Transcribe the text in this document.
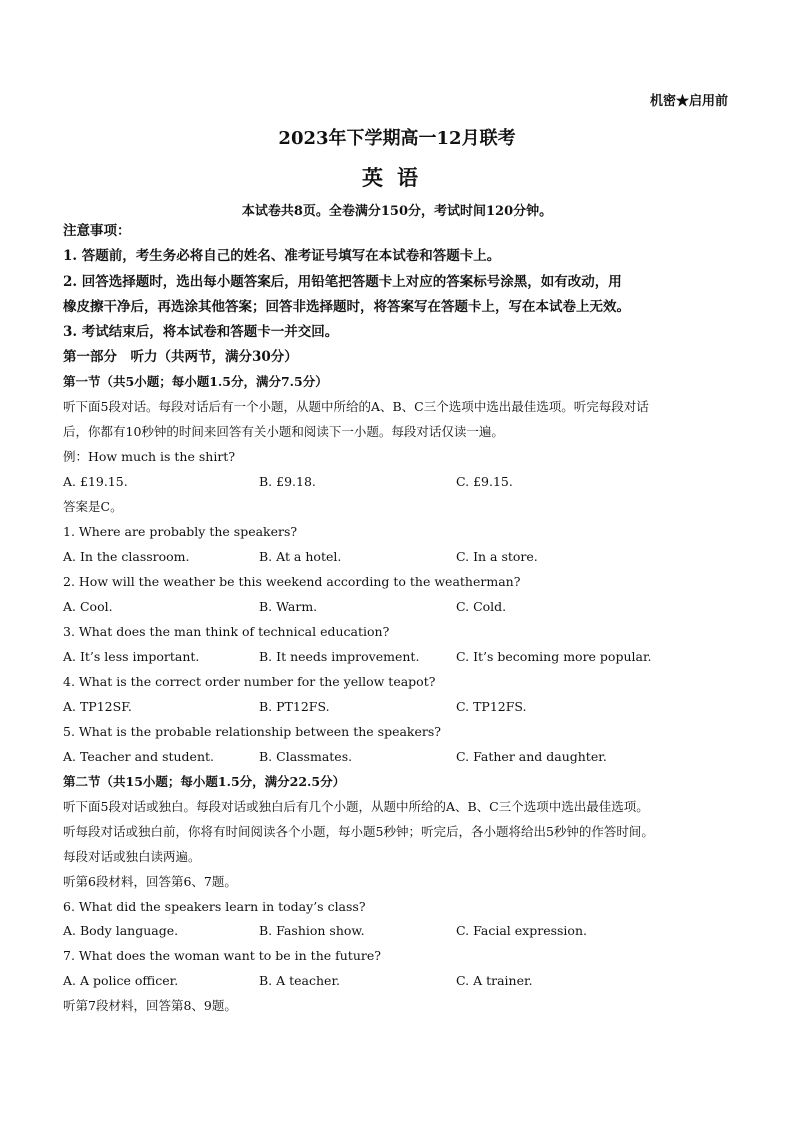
机密★启用前
2023年下学期高一12月联考
英语
本试卷共8页。全卷满分150分，考试时间120分钟。
注意事项：
1. 答题前，考生务必将自己的姓名、准考证号填写在本试卷和答题卡上。
2. 回答选择题时，选出每小题答案后，用铅笔把答题卡上对应的答案标号涂黑，如有改动，用
橡皮擦干净后，再选涂其他答案；回答非选择题时，将答案写在答题卡上，写在本试卷上无效。
3. 考试结束后，将本试卷和答题卡一并交回。
第一部分　听力（共两节，满分30分）
第一节（共5小题；每小题1.5分，满分7.5分）
听下面5段对话。每段对话后有一个小题，从题中所给的A、B、C三个选项中选出最佳选项。听完每段对话
后，你都有10秒钟的时间来回答有关小题和阅读下一小题。每段对话仅读一遍。
例：How much is the shirt?
A. £19.15.	B. £9.18.	C. £9.15.
答案是C。
1. Where are probably the speakers?
A. In the classroom.	B. At a hotel.	C. In a store.
2. How will the weather be this weekend according to the weatherman?
A. Cool.	B. Warm.	C. Cold.
3. What does the man think of technical education?
A. It’s less important.	B. It needs improvement.	C. It’s becoming more popular.
4. What is the correct order number for the yellow teapot?
A. TP12SF.	B. PT12FS.	C. TP12FS.
5. What is the probable relationship between the speakers?
A. Teacher and student.	B. Classmates.	C. Father and daughter.
第二节（共15小题；每小题1.5分，满分22.5分）
听下面5段对话或独白。每段对话或独白后有几个小题，从题中所给的A、B、C三个选项中选出最佳选项。
听每段对话或独白前，你将有时间阅读各个小题，每小题5秒钟；听完后，各小题将给出5秒钟的作答时间。
每段对话或独白读两遍。
听第6段材料，回答第6、7题。
6. What did the speakers learn in today’s class?
A. Body language.	B. Fashion show.	C. Facial expression.
7. What does the woman want to be in the future?
A. A police officer.	B. A teacher.	C. A trainer.
听第7段材料，回答第8、9题。
